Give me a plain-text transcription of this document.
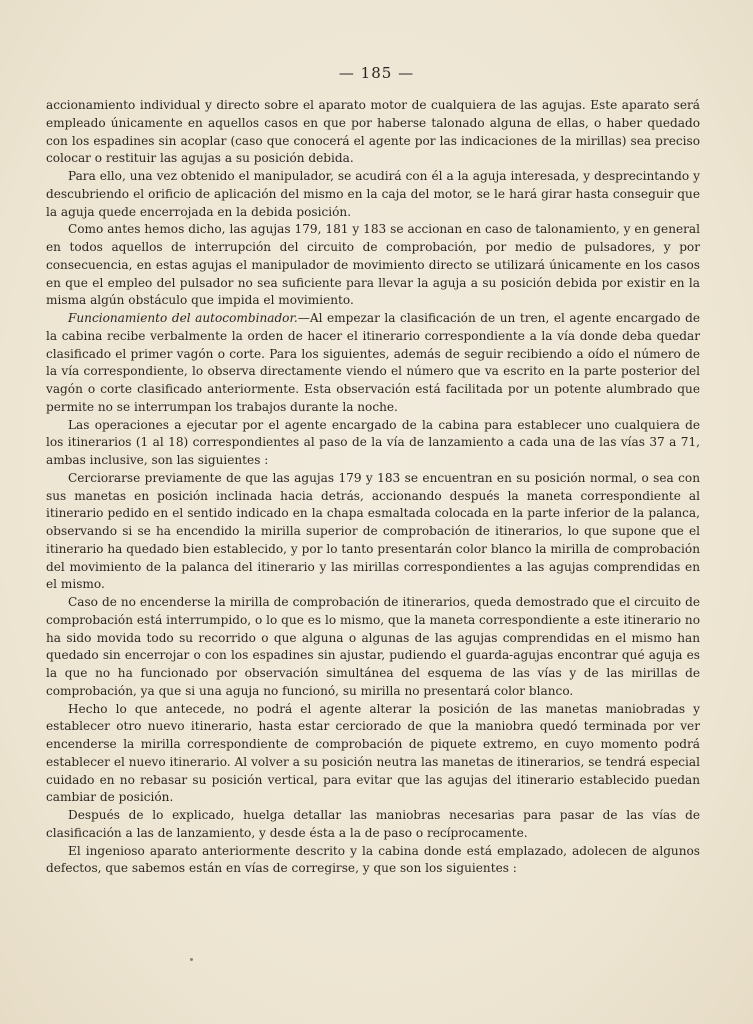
— 185 —

accionamiento individual y directo sobre el aparato motor de cualquiera de las agujas. Este aparato será empleado únicamente en aquellos casos en que por haberse talonado alguna de ellas, o haber quedado con los espadines sin acoplar (caso que conocerá el agente por las indicaciones de la mirillas) sea preciso colocar o restituir las agujas a su posición debida.

Para ello, una vez obtenido el manipulador, se acudirá con él a la aguja interesada, y desprecintando y descubriendo el orificio de aplicación del mismo en la caja del motor, se le hará girar hasta conseguir que la aguja quede encerrojada en la debida posición.

Como antes hemos dicho, las agujas 179, 181 y 183 se accionan en caso de talonamiento, y en general en todos aquellos de interrupción del circuito de comprobación, por medio de pulsadores, y por consecuencia, en estas agujas el manipulador de movimiento directo se utilizará únicamente en los casos en que el empleo del pulsador no sea suficiente para llevar la aguja a su posición debida por existir en la misma algún obstáculo que impida el movimiento.

Funcionamiento del autocombinador.—Al empezar la clasificación de un tren, el agente encargado de la cabina recibe verbalmente la orden de hacer el itinerario correspondiente a la vía donde deba quedar clasificado el primer vagón o corte. Para los siguientes, además de seguir recibiendo a oído el número de la vía correspondiente, lo observa directamente viendo el número que va escrito en la parte posterior del vagón o corte clasificado anteriormente. Esta observación está facilitada por un potente alumbrado que permite no se interrumpan los trabajos durante la noche.

Las operaciones a ejecutar por el agente encargado de la cabina para establecer uno cualquiera de los itinerarios (1 al 18) correspondientes al paso de la vía de lanzamiento a cada una de las vías 37 a 71, ambas inclusive, son las siguientes :

Cerciorarse previamente de que las agujas 179 y 183 se encuentran en su posición normal, o sea con sus manetas en posición inclinada hacia detrás, accionando después la maneta correspondiente al itinerario pedido en el sentido indicado en la chapa esmaltada colocada en la parte inferior de la palanca, observando si se ha encendido la mirilla superior de comprobación de itinerarios, lo que supone que el itinerario ha quedado bien establecido, y por lo tanto presentarán color blanco la mirilla de comprobación del movimiento de la palanca del itinerario y las mirillas correspondientes a las agujas comprendidas en el mismo.

Caso de no encenderse la mirilla de comprobación de itinerarios, queda demostrado que el circuito de comprobación está interrumpido, o lo que es lo mismo, que la maneta correspondiente a este itinerario no ha sido movida todo su recorrido o que alguna o algunas de las agujas comprendidas en el mismo han quedado sin encerrojar o con los espadines sin ajustar, pudiendo el guarda-agujas encontrar qué aguja es la que no ha funcionado por observación simultánea del esquema de las vías y de las mirillas de comprobación, ya que si una aguja no funcionó, su mirilla no presentará color blanco.

Hecho lo que antecede, no podrá el agente alterar la posición de las manetas maniobradas y establecer otro nuevo itinerario, hasta estar cerciorado de que la maniobra quedó terminada por ver encenderse la mirilla correspondiente de comprobación de piquete extremo, en cuyo momento podrá establecer el nuevo itinerario. Al volver a su posición neutra las manetas de itinerarios, se tendrá especial cuidado en no rebasar su posición vertical, para evitar que las agujas del itinerario establecido puedan cambiar de posición.

Después de lo explicado, huelga detallar las maniobras necesarias para pasar de las vías de clasificación a las de lanzamiento, y desde ésta a la de paso o recíprocamente.

El ingenioso aparato anteriormente descrito y la cabina donde está emplazado, adolecen de algunos defectos, que sabemos están en vías de corregirse, y que son los siguientes :
